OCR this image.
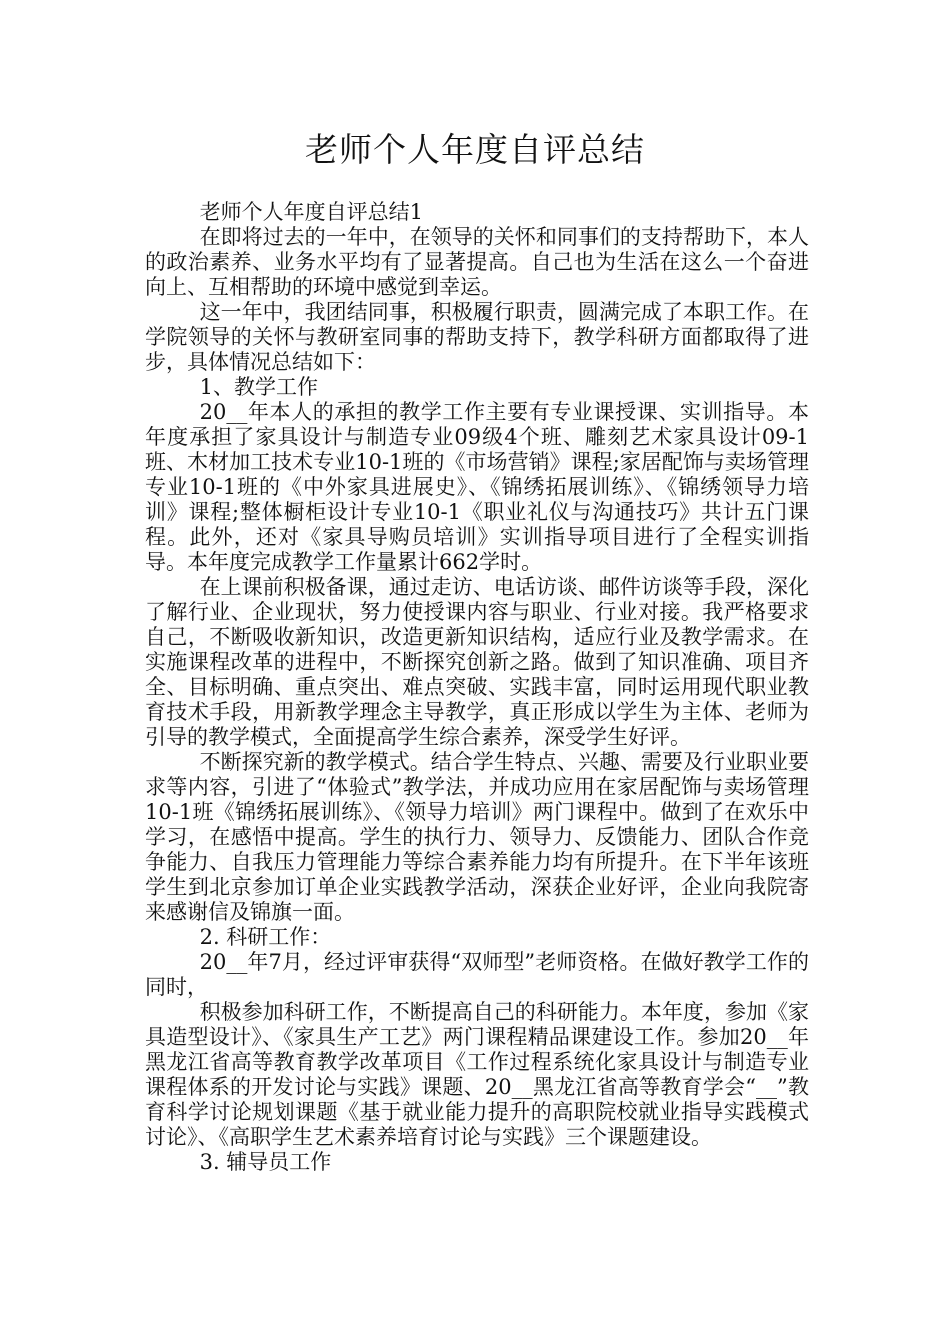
老师个人年度自评总结

老师个人年度自评总结1

在即将过去的一年中，在领导的关怀和同事们的支持帮助下，本人的政治素养、业务水平均有了显著提高。自己也为生活在这么一个奋进向上、互相帮助的环境中感觉到幸运。

这一年中，我团结同事，积极履行职责，圆满完成了本职工作。在学院领导的关怀与教研室同事的帮助支持下，教学科研方面都取得了进步，具体情况总结如下：

1、教学工作

20__年本人的承担的教学工作主要有专业课授课、实训指导。本年度承担了家具设计与制造专业09级4个班、雕刻艺术家具设计09-1班、木材加工技术专业10-1班的《市场营销》课程;家居配饰与卖场管理专业10-1班的《中外家具进展史》、《锦绣拓展训练》、《锦绣领导力培训》课程;整体橱柜设计专业10-1《职业礼仪与沟通技巧》共计五门课程。此外，还对《家具导购员培训》实训指导项目进行了全程实训指导。本年度完成教学工作量累计662学时。

在上课前积极备课，通过走访、电话访谈、邮件访谈等手段，深化了解行业、企业现状，努力使授课内容与职业、行业对接。我严格要求自己，不断吸收新知识，改造更新知识结构，适应行业及教学需求。在实施课程改革的进程中，不断探究创新之路。做到了知识准确、项目齐全、目标明确、重点突出、难点突破、实践丰富，同时运用现代职业教育技术手段，用新教学理念主导教学，真正形成以学生为主体、老师为引导的教学模式，全面提高学生综合素养，深受学生好评。

不断探究新的教学模式。结合学生特点、兴趣、需要及行业职业要求等内容，引进了“体验式”教学法，并成功应用在家居配饰与卖场管理10-1班《锦绣拓展训练》、《领导力培训》两门课程中。做到了在欢乐中学习，在感悟中提高。学生的执行力、领导力、反馈能力、团队合作竞争能力、自我压力管理能力等综合素养能力均有所提升。在下半年该班学生到北京参加订单企业实践教学活动，深获企业好评，企业向我院寄来感谢信及锦旗一面。

2. 科研工作：

20__年7月，经过评审获得“双师型”老师资格。在做好教学工作的同时，

积极参加科研工作，不断提高自己的科研能力。本年度，参加《家具造型设计》、《家具生产工艺》两门课程精品课建设工作。参加20__年黑龙江省高等教育教学改革项目《工作过程系统化家具设计与制造专业课程体系的开发讨论与实践》课题、20__黑龙江省高等教育学会“__”教育科学讨论规划课题《基于就业能力提升的高职院校就业指导实践模式讨论》、《高职学生艺术素养培育讨论与实践》三个课题建设。

3. 辅导员工作
